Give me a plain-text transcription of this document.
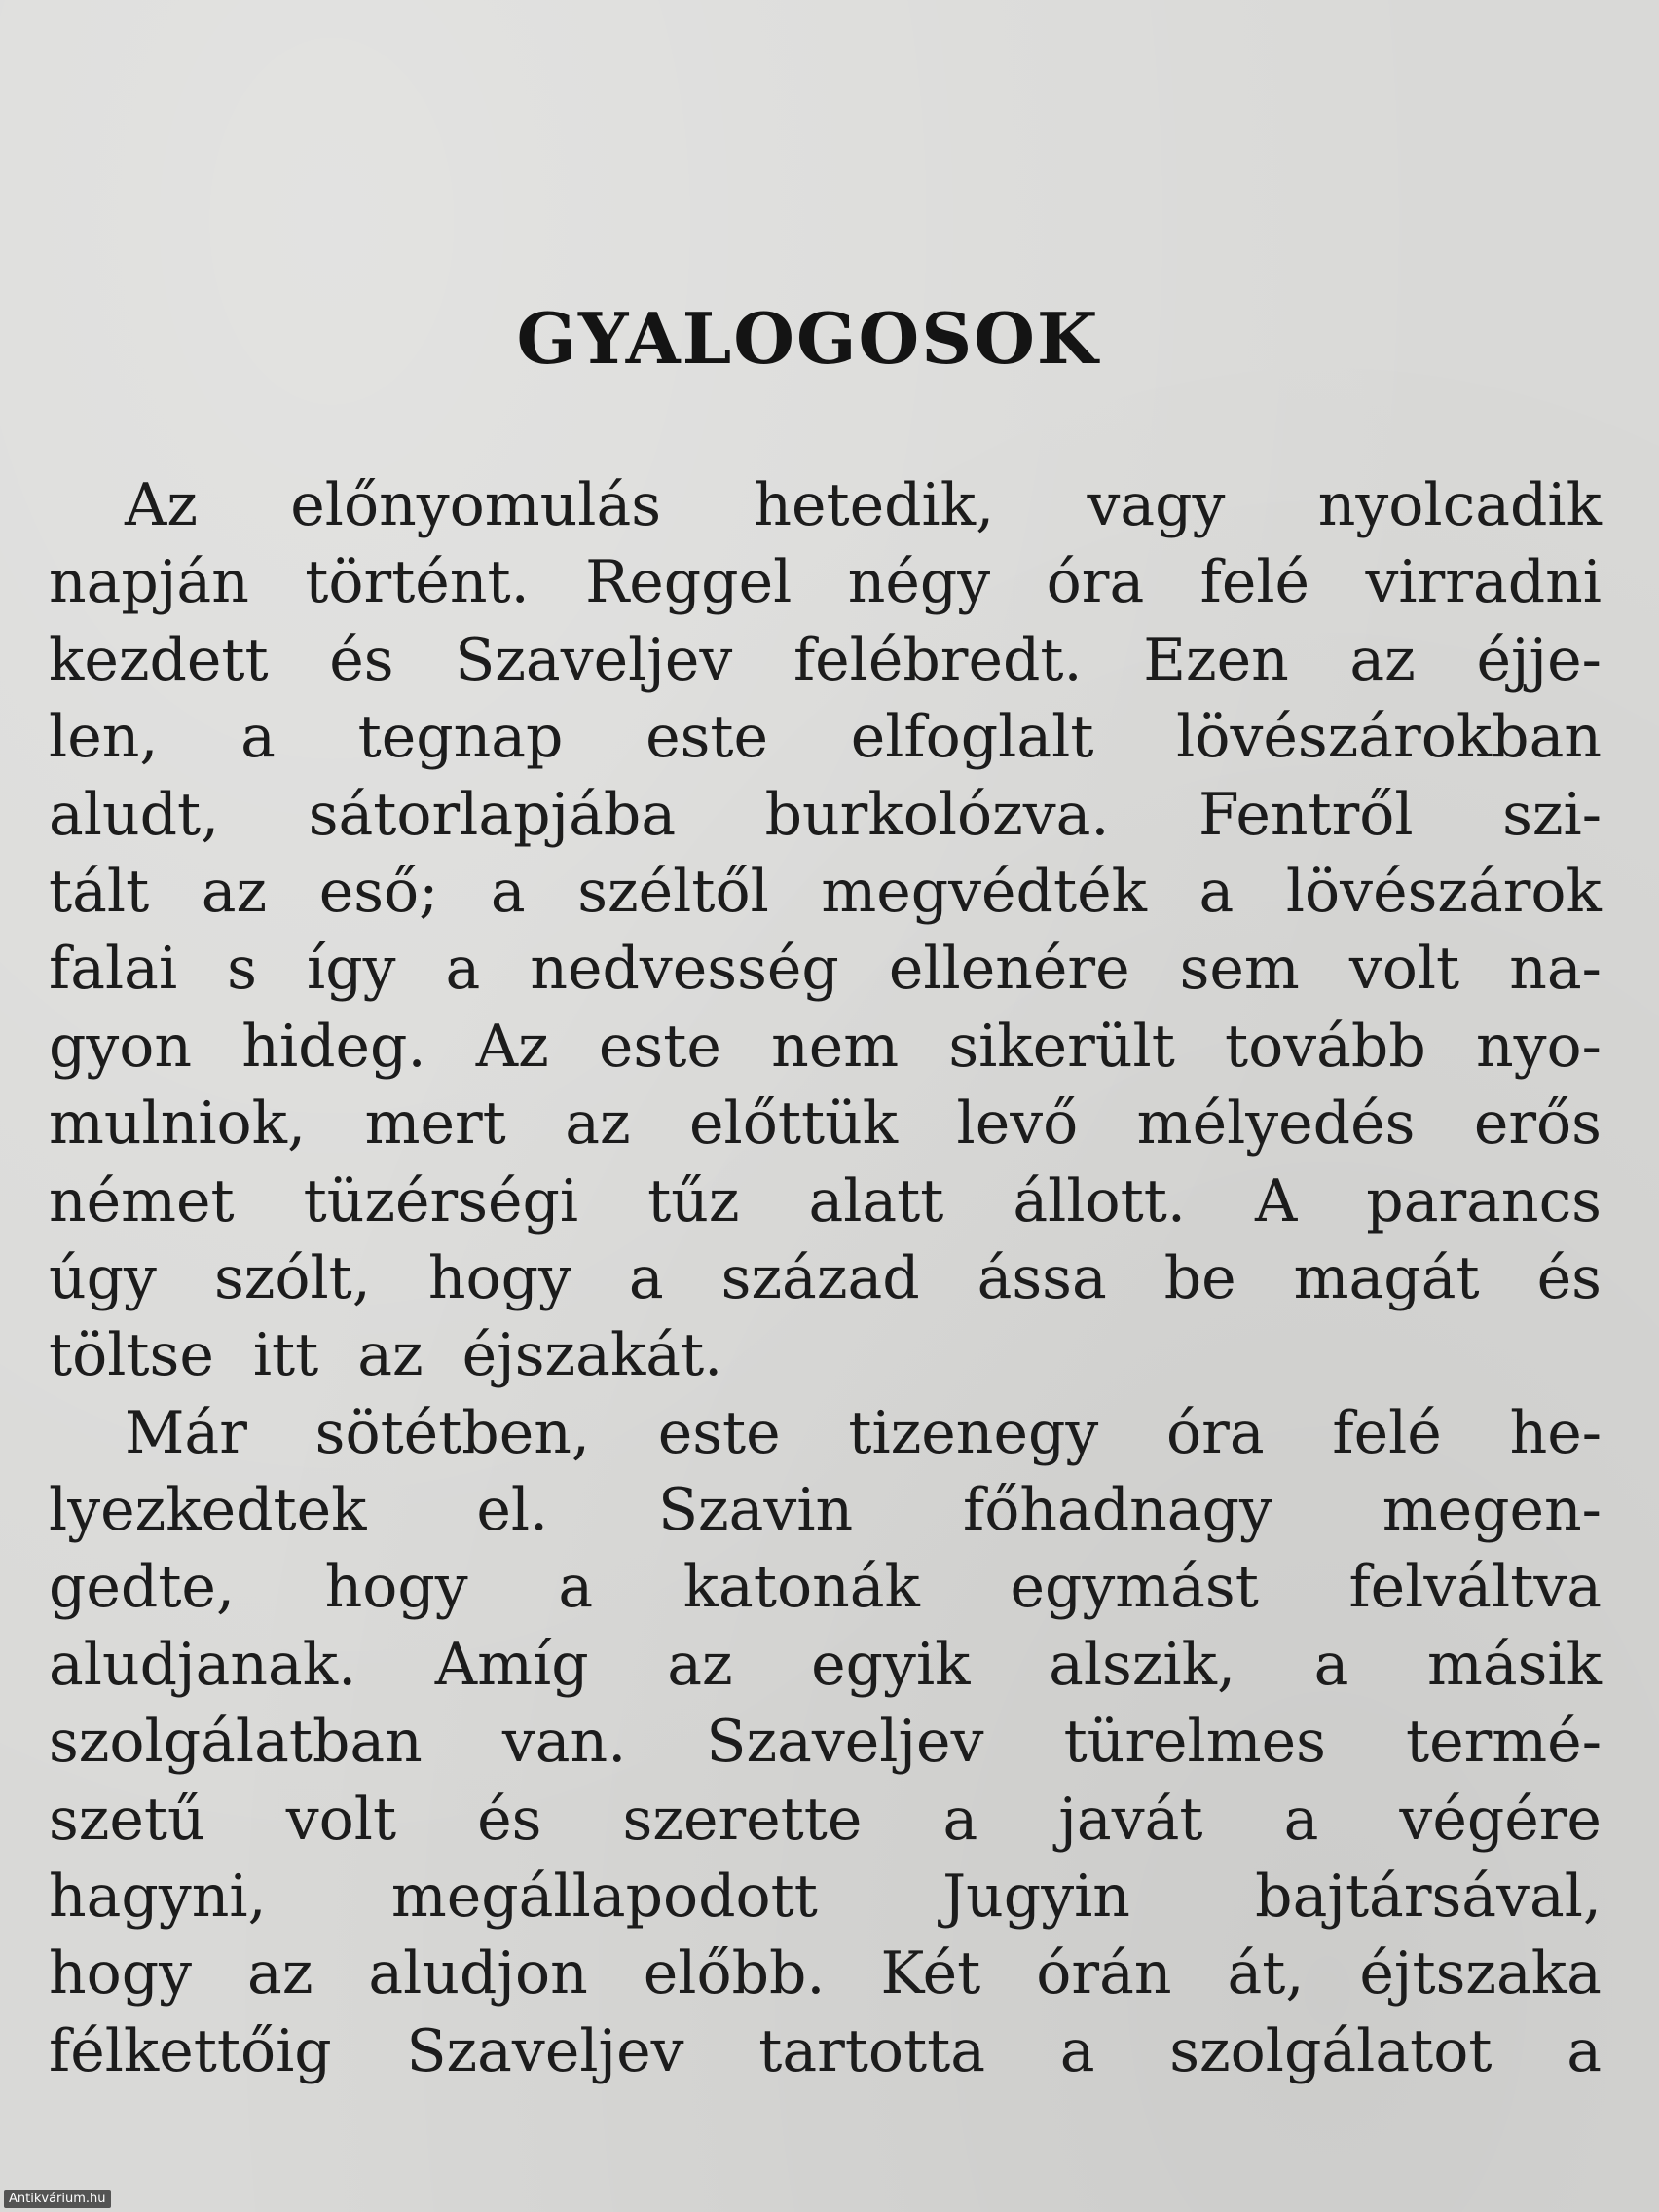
GYALOGOSOK
Az előnyomulás hetedik, vagy nyolcadik
napján történt. Reggel négy óra felé virradni
kezdett és Szaveljev felébredt. Ezen az éjje-
len, a tegnap este elfoglalt lövészárokban
aludt, sátorlapjába burkolózva. Fentről szi-
tált az eső; a széltől megvédték a lövészárok
falai s így a nedvesség ellenére sem volt na-
gyon hideg. Az este nem sikerült tovább nyo-
mulniok, mert az előttük levő mélyedés erős
német tüzérségi tűz alatt állott. A parancs
úgy szólt, hogy a század ássa be magát és
töltse itt az éjszakát.
Már sötétben, este tizenegy óra felé he-
lyezkedtek el. Szavin főhadnagy megen-
gedte, hogy a katonák egymást felváltva
aludjanak. Amíg az egyik alszik, a másik
szolgálatban van. Szaveljev türelmes termé-
szetű volt és szerette a javát a végére
hagyni, megállapodott Jugyin bajtársával,
hogy az aludjon előbb. Két órán át, éjtszaka
félkettőig Szaveljev tartotta a szolgálatot a
Antikvárium.hu
